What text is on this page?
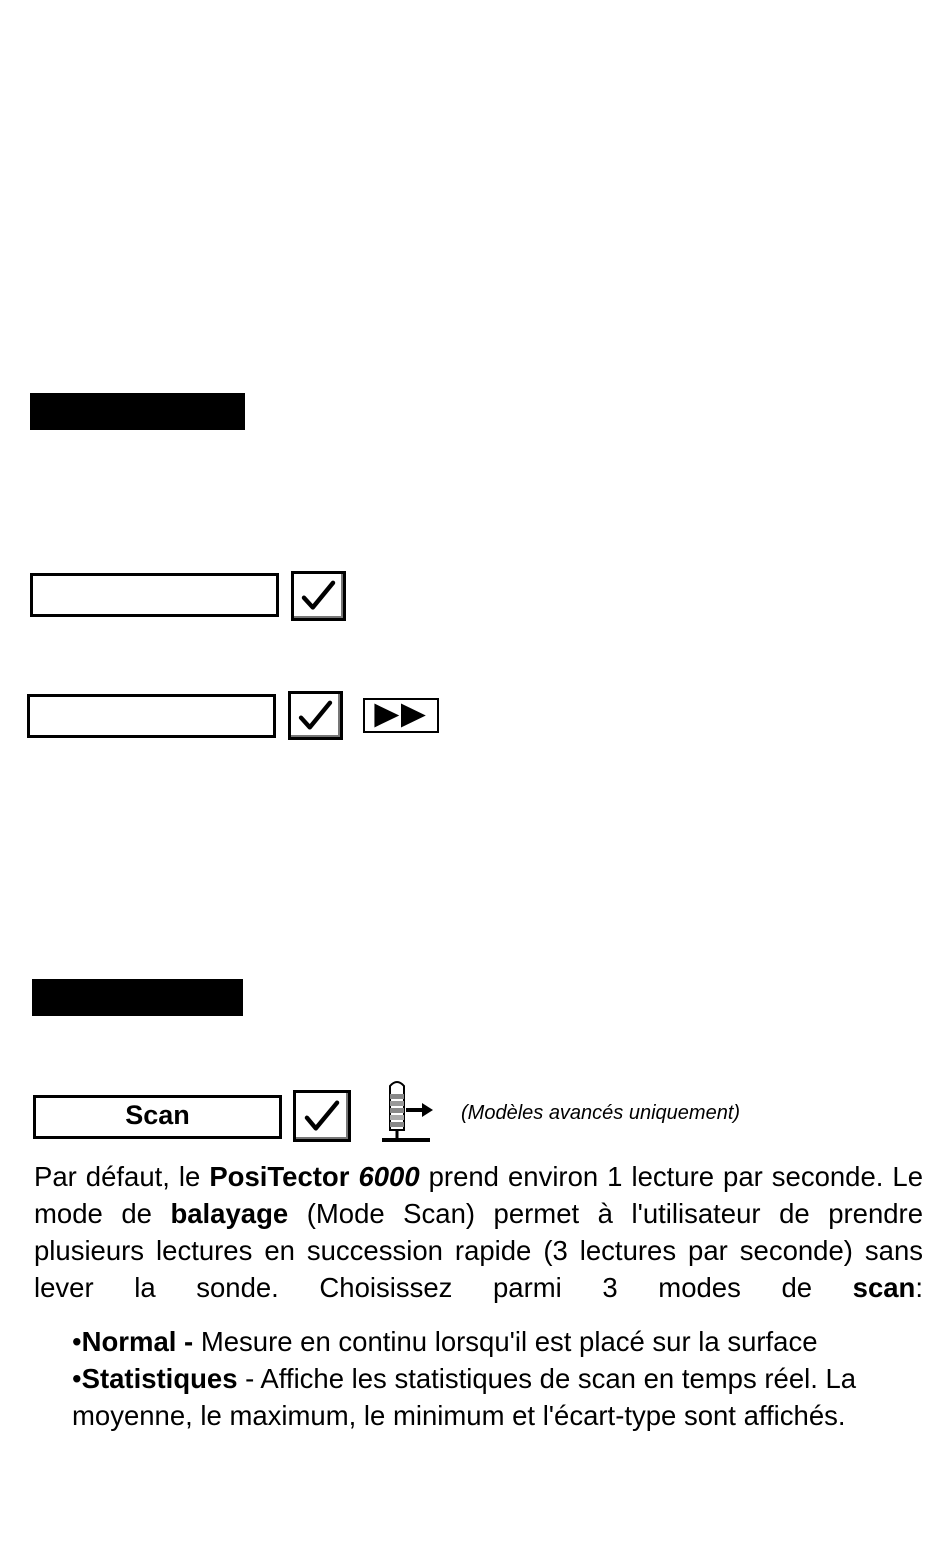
Scan	(Modèles avancés uniquement)
Par défaut, le PosiTector 6000 prend environ 1 lecture par seconde. Le mode de balayage (Mode Scan) permet à l'utilisateur de prendre plusieurs lectures en succession rapide (3 lectures par seconde) sans lever la sonde. Choisissez parmi 3 modes de scan:
•Normal - Mesure en continu lorsqu'il est placé sur la surface
•Statistiques - Affiche les statistiques de scan en temps réel. La moyenne, le maximum, le minimum et l'écart-type sont affichés.
